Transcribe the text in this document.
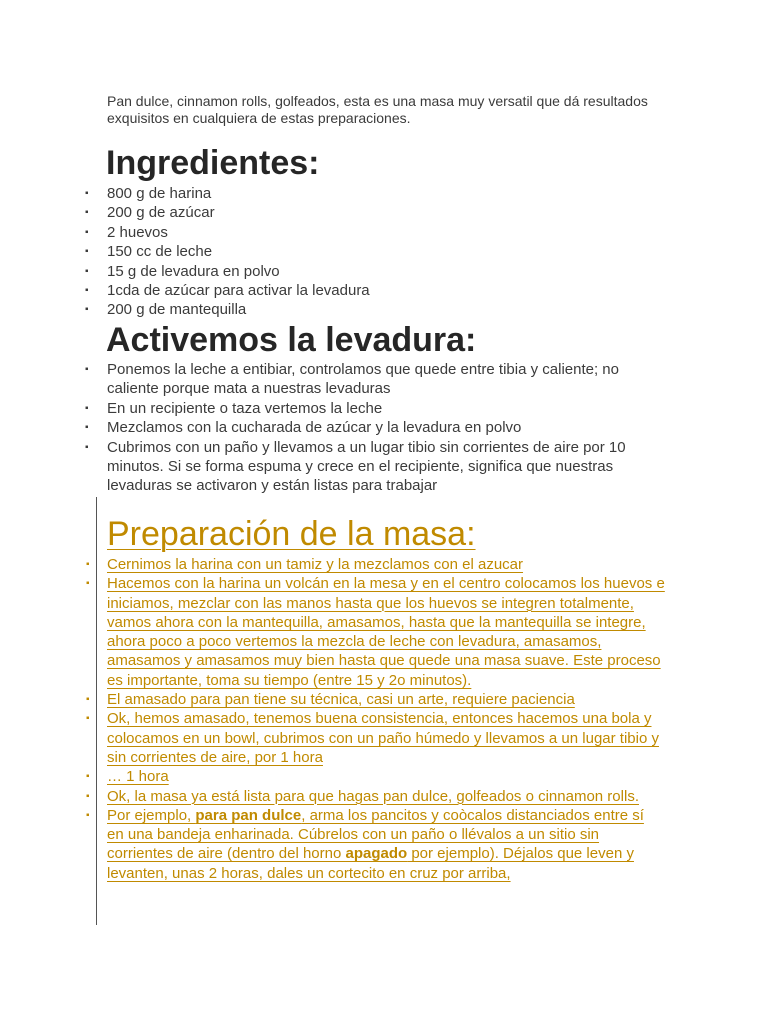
Pan dulce, cinnamon rolls, golfeados, esta es una masa muy versatil que dá resultados exquisitos en cualquiera de estas preparaciones.
Ingredientes:
▪ 800 g de harina
▪ 200 g de azúcar
▪ 2 huevos
▪ 150 cc de leche
▪ 15 g de levadura en polvo
▪ 1cda de azúcar para activar la levadura
▪ 200 g de mantequilla
Activemos la levadura:
▪ Ponemos la leche a entibiar, controlamos que quede entre tibia y caliente; no caliente porque mata a nuestras levaduras
▪ En un recipiente o taza vertemos la leche
▪ Mezclamos con la cucharada de azúcar y la levadura en polvo
▪ Cubrimos con un paño y llevamos a un lugar tibio sin corrientes de aire por 10 minutos. Si se forma espuma y crece en el recipiente, significa que nuestras levaduras se activaron y están listas para trabajar
Preparación de la masa:
▪ Cernimos la harina con un tamiz y la mezclamos con el azucar
▪ Hacemos con la harina un volcán en la mesa y en el centro colocamos los huevos e iniciamos, mezclar con las manos hasta que los huevos se integren totalmente, vamos ahora con la mantequilla, amasamos, hasta que la mantequilla se integre, ahora poco a poco vertemos la mezcla de leche con levadura, amasamos, amasamos y amasamos muy bien hasta que quede una masa suave. Este proceso es importante, toma su tiempo (entre 15 y 2o minutos).
▪ El amasado para pan tiene su técnica, casi un arte, requiere paciencia
▪ Ok, hemos amasado, tenemos buena consistencia, entonces hacemos una bola y colocamos en un bowl, cubrimos con un paño húmedo y llevamos a un lugar tibio y sin corrientes de aire, por 1 hora
▪ … 1 hora
▪ Ok, la masa ya está lista para que hagas pan dulce, golfeados o cinnamon rolls.
▪ Por ejemplo, para pan dulce, arma los pancitos y coòcalos distanciados entre sí en una bandeja enharinada. Cúbrelos con un paño o llévalos a un sitio sin corrientes de aire (dentro del horno apagado por ejemplo). Déjalos que leven y levanten, unas 2 horas, dales un cortecito en cruz por arriba,
